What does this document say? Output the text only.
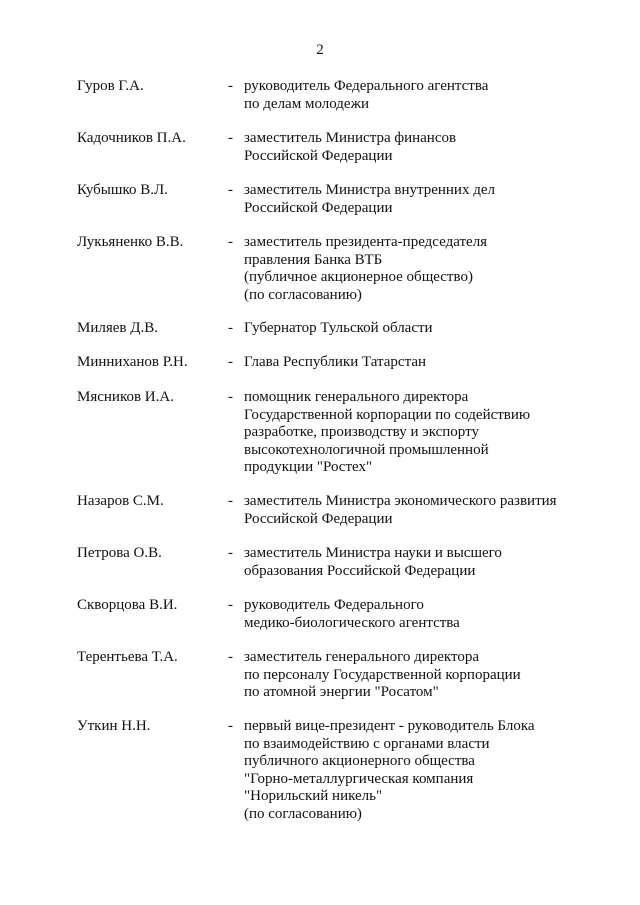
2
Гуров Г.А.	- руководитель Федерального агентства
по делам молодежи
Кадочников П.А.	- заместитель Министра финансов
Российской Федерации
Кубышко В.Л.	- заместитель Министра внутренних дел
Российской Федерации
Лукьяненко В.В.	- заместитель президента-председателя
правления Банка ВТБ
(публичное акционерное общество)
(по согласованию)
Миляев Д.В.	- Губернатор Тульской области
Минниханов Р.Н.	- Глава Республики Татарстан
Мясников И.А.	- помощник генерального директора
Государственной корпорации по содействию
разработке, производству и экспорту
высокотехнологичной промышленной
продукции "Ростех"
Назаров С.М.	- заместитель Министра экономического развития
Российской Федерации
Петрова О.В.	- заместитель Министра науки и высшего
образования Российской Федерации
Скворцова В.И.	- руководитель Федерального
медико-биологического агентства
Терентьева Т.А.	- заместитель генерального директора
по персоналу Государственной корпорации
по атомной энергии "Росатом"
Уткин Н.Н.	- первый вице-президент - руководитель Блока
по взаимодействию с органами власти
публичного акционерного общества
"Горно-металлургическая компания
"Норильский никель"
(по согласованию)
